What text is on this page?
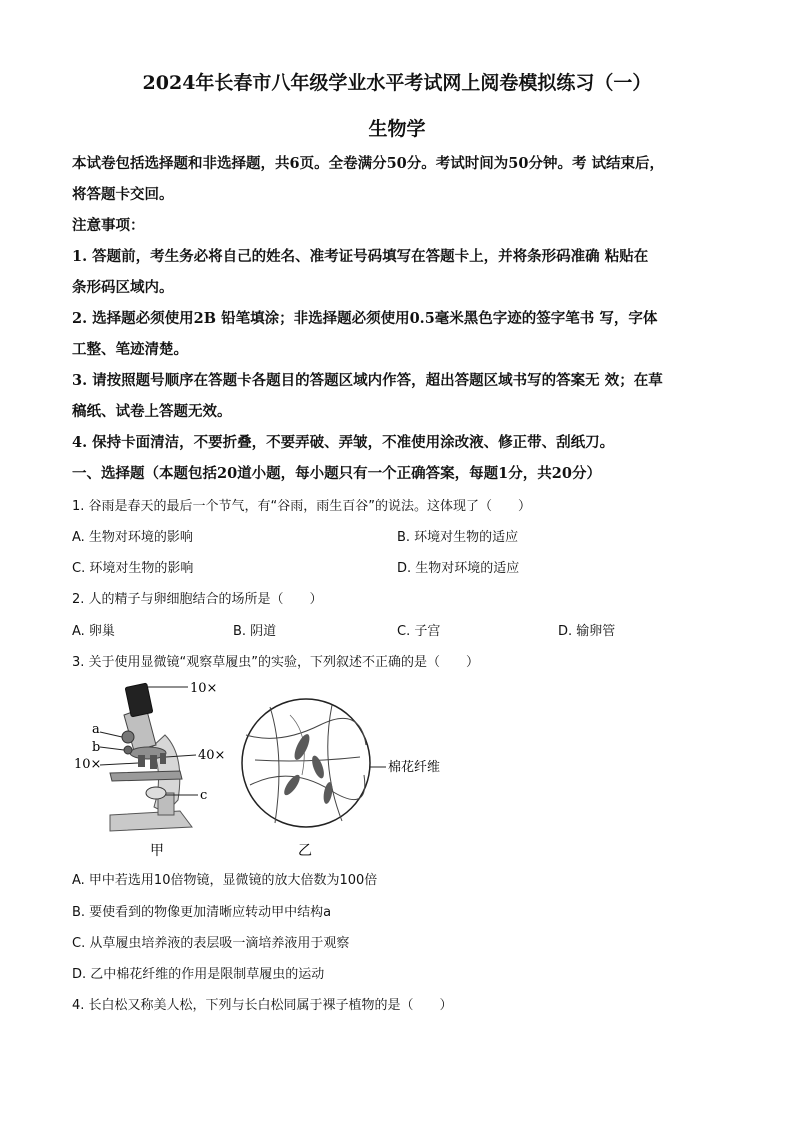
2024年长春市八年级学业水平考试网上阅卷模拟练习（一）
生物学
本试卷包括选择题和非选择题，共6页。全卷满分50分。考试时间为50分钟。考 试结束后，
将答题卡交回。
注意事项：
1. 答题前，考生务必将自己的姓名、准考证号码填写在答题卡上，并将条形码准确 粘贴在
条形码区域内。
2. 选择题必须使用2B 铅笔填涂；非选择题必须使用0.5毫米黑色字迹的签字笔书 写，字体
工整、笔迹清楚。
3. 请按照题号顺序在答题卡各题目的答题区域内作答，超出答题区域书写的答案无 效；在草
稿纸、试卷上答题无效。
4. 保持卡面清洁，不要折叠，不要弄破、弄皱，不准使用涂改液、修正带、刮纸刀。
一、选择题（本题包括20道小题，每小题只有一个正确答案，每题1分，共20分）
1. 谷雨是春天的最后一个节气，有“谷雨，雨生百谷”的说法。这体现了（　　）
A. 生物对环境的影响	B. 环境对生物的适应
C. 环境对生物的影响	D. 生物对环境的适应
2. 人的精子与卵细胞结合的场所是（　　）
A. 卵巢	B. 阴道	C. 子宫	D. 输卵管
3. 关于使用显微镜“观察草履虫”的实验，下列叙述不正确的是（　　）
10×
a
b
40×
10×
c
甲
棉花纤维
乙
A. 甲中若选用10倍物镜，显微镜的放大倍数为100倍
B. 要使看到的物像更加清晰应转动甲中结构a
C. 从草履虫培养液的表层吸一滴培养液用于观察
D. 乙中棉花纤维的作用是限制草履虫的运动
4. 长白松又称美人松，下列与长白松同属于裸子植物的是（　　）
